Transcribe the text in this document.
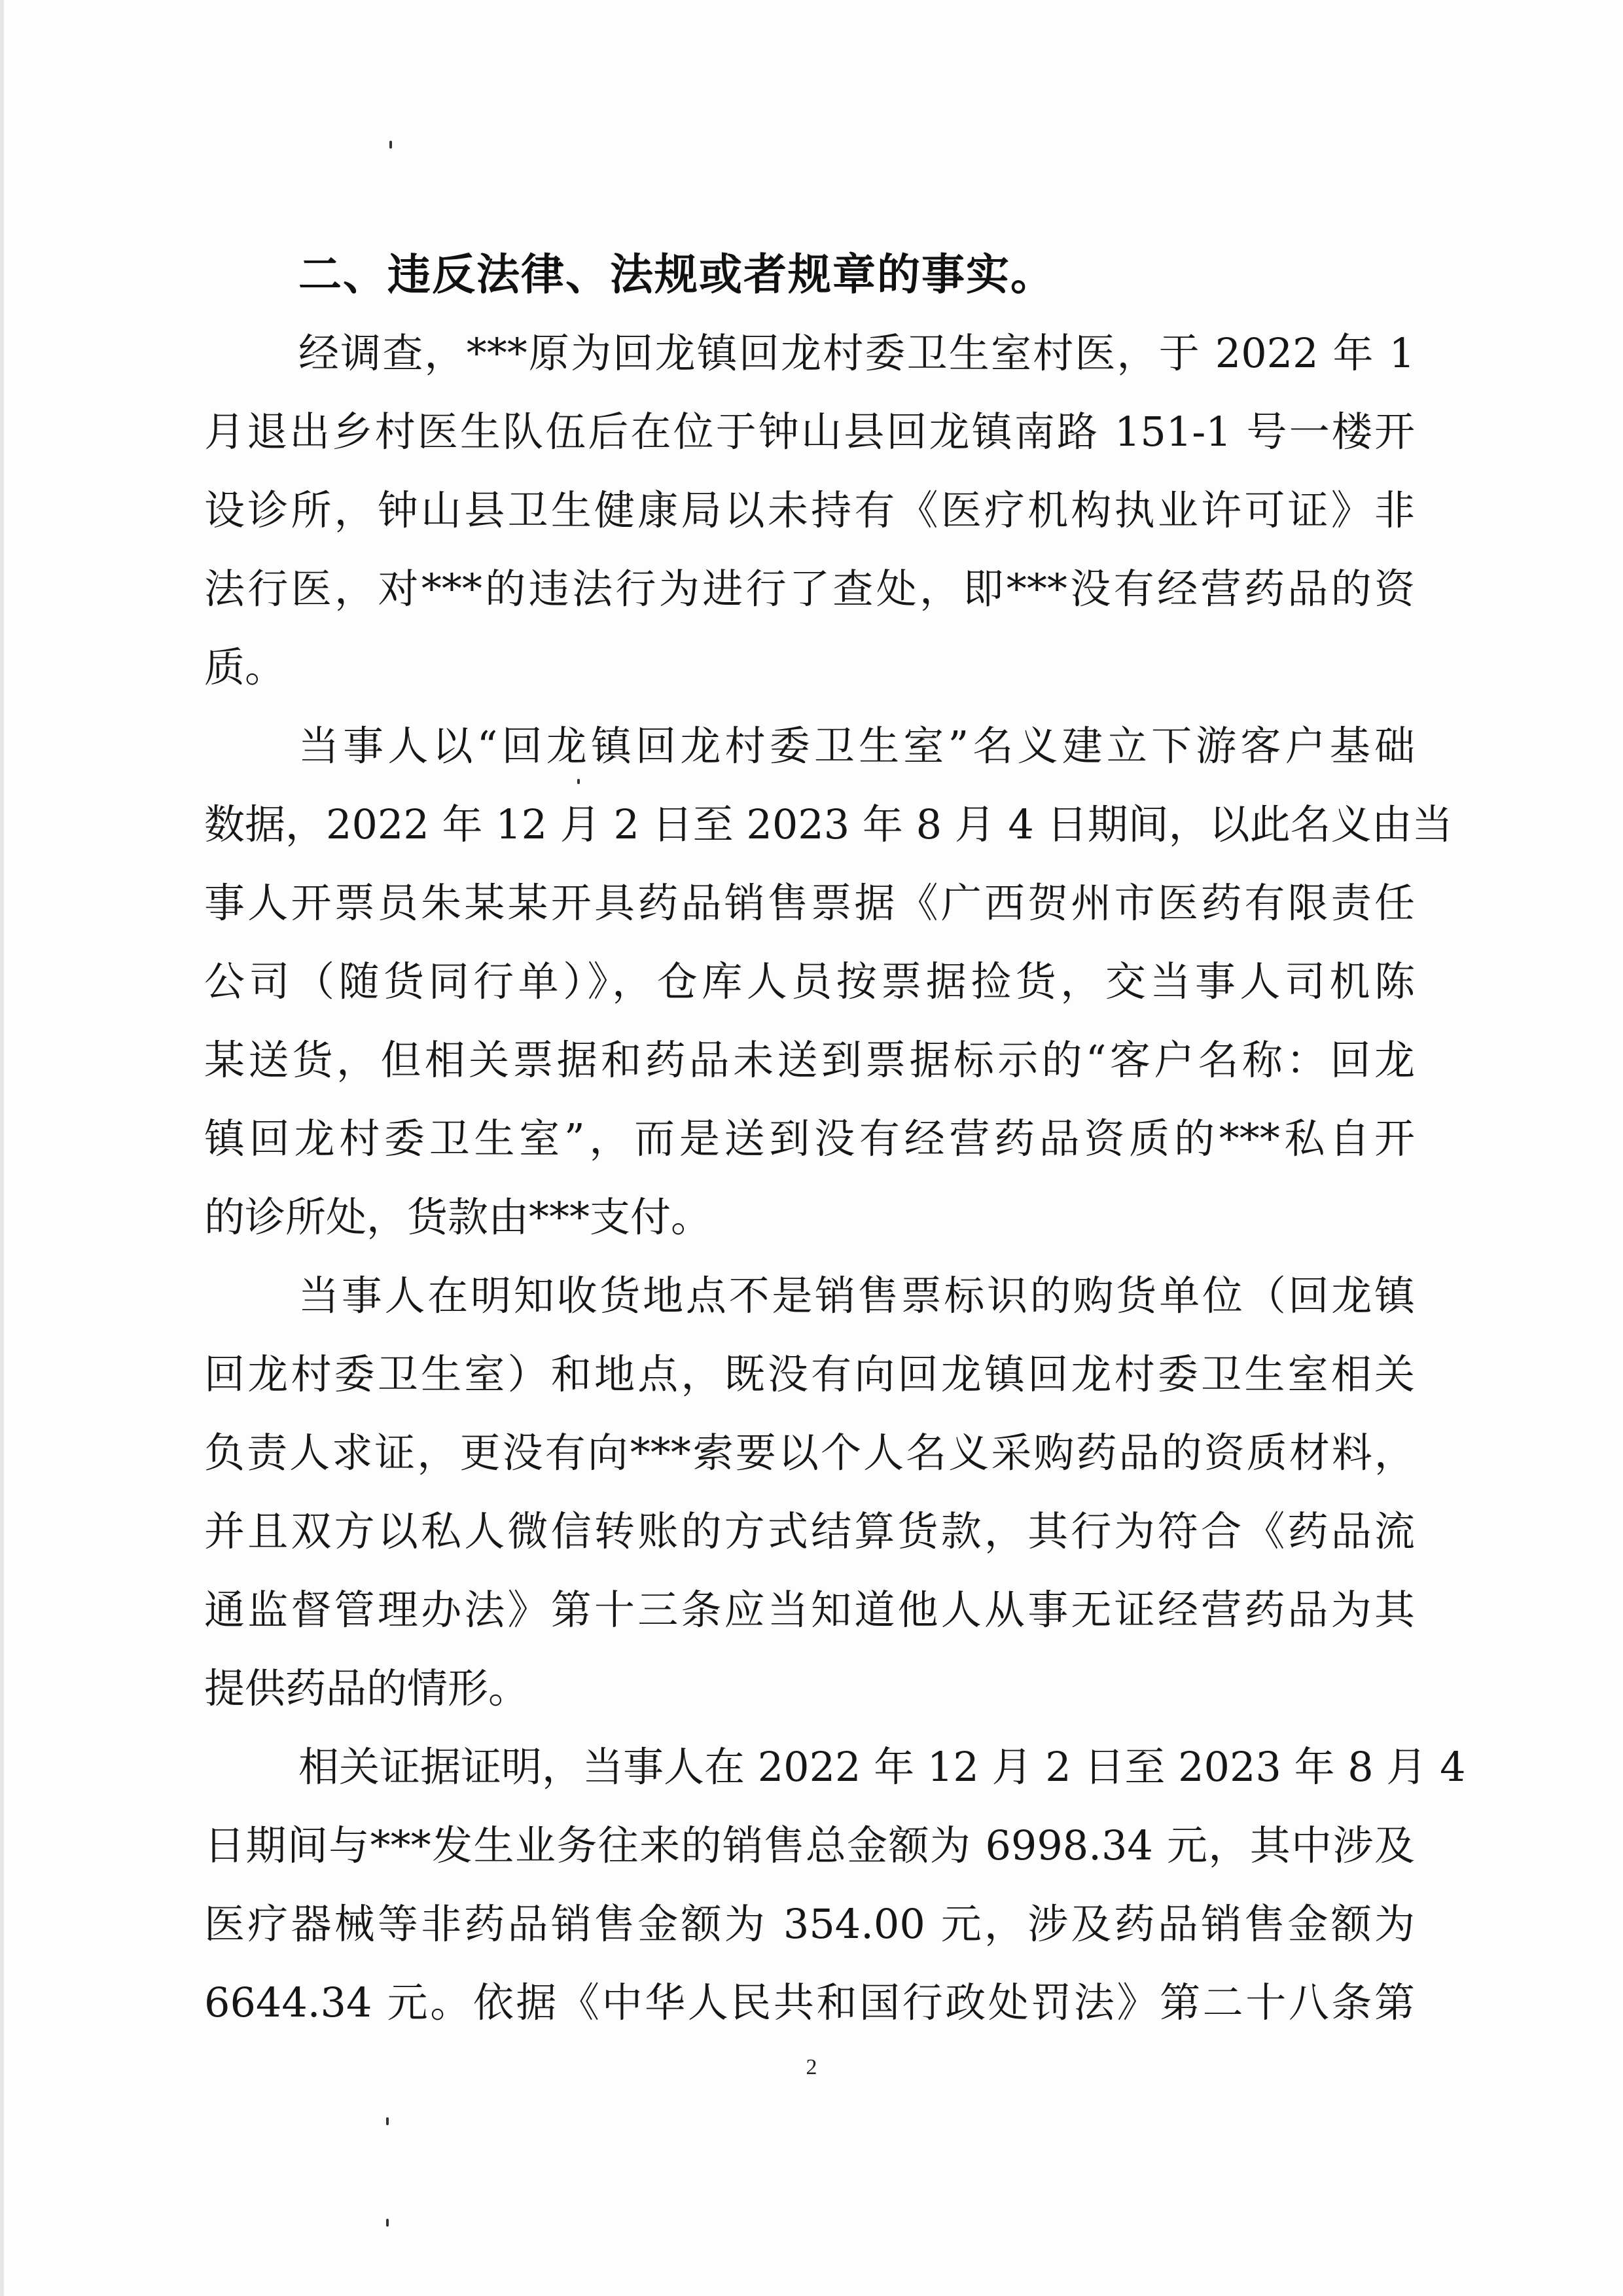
二、违反法律、法规或者规章的事实。
经调查，***原为回龙镇回龙村委卫生室村医，于 2022 年 1
月退出乡村医生队伍后在位于钟山县回龙镇南路 151-1 号一楼开
设诊所，钟山县卫生健康局以未持有《医疗机构执业许可证》非
法行医，对***的违法行为进行了查处，即***没有经营药品的资
质。
当事人以“回龙镇回龙村委卫生室”名义建立下游客户基础
数据，2022 年 12 月 2 日至 2023 年 8 月 4 日期间，以此名义由当
事人开票员朱某某开具药品销售票据《广西贺州市医药有限责任
公司（随货同行单）》，仓库人员按票据捡货，交当事人司机陈
某送货，但相关票据和药品未送到票据标示的“客户名称：回龙
镇回龙村委卫生室”，而是送到没有经营药品资质的***私自开
的诊所处，货款由***支付。
当事人在明知收货地点不是销售票标识的购货单位（回龙镇
回龙村委卫生室）和地点，既没有向回龙镇回龙村委卫生室相关
负责人求证，更没有向***索要以个人名义采购药品的资质材料，
并且双方以私人微信转账的方式结算货款，其行为符合《药品流
通监督管理办法》第十三条应当知道他人从事无证经营药品为其
提供药品的情形。
相关证据证明，当事人在 2022 年 12 月 2 日至 2023 年 8 月 4
日期间与***发生业务往来的销售总金额为 6998.34 元，其中涉及
医疗器械等非药品销售金额为 354.00 元，涉及药品销售金额为
6644.34 元。依据《中华人民共和国行政处罚法》第二十八条第
2
